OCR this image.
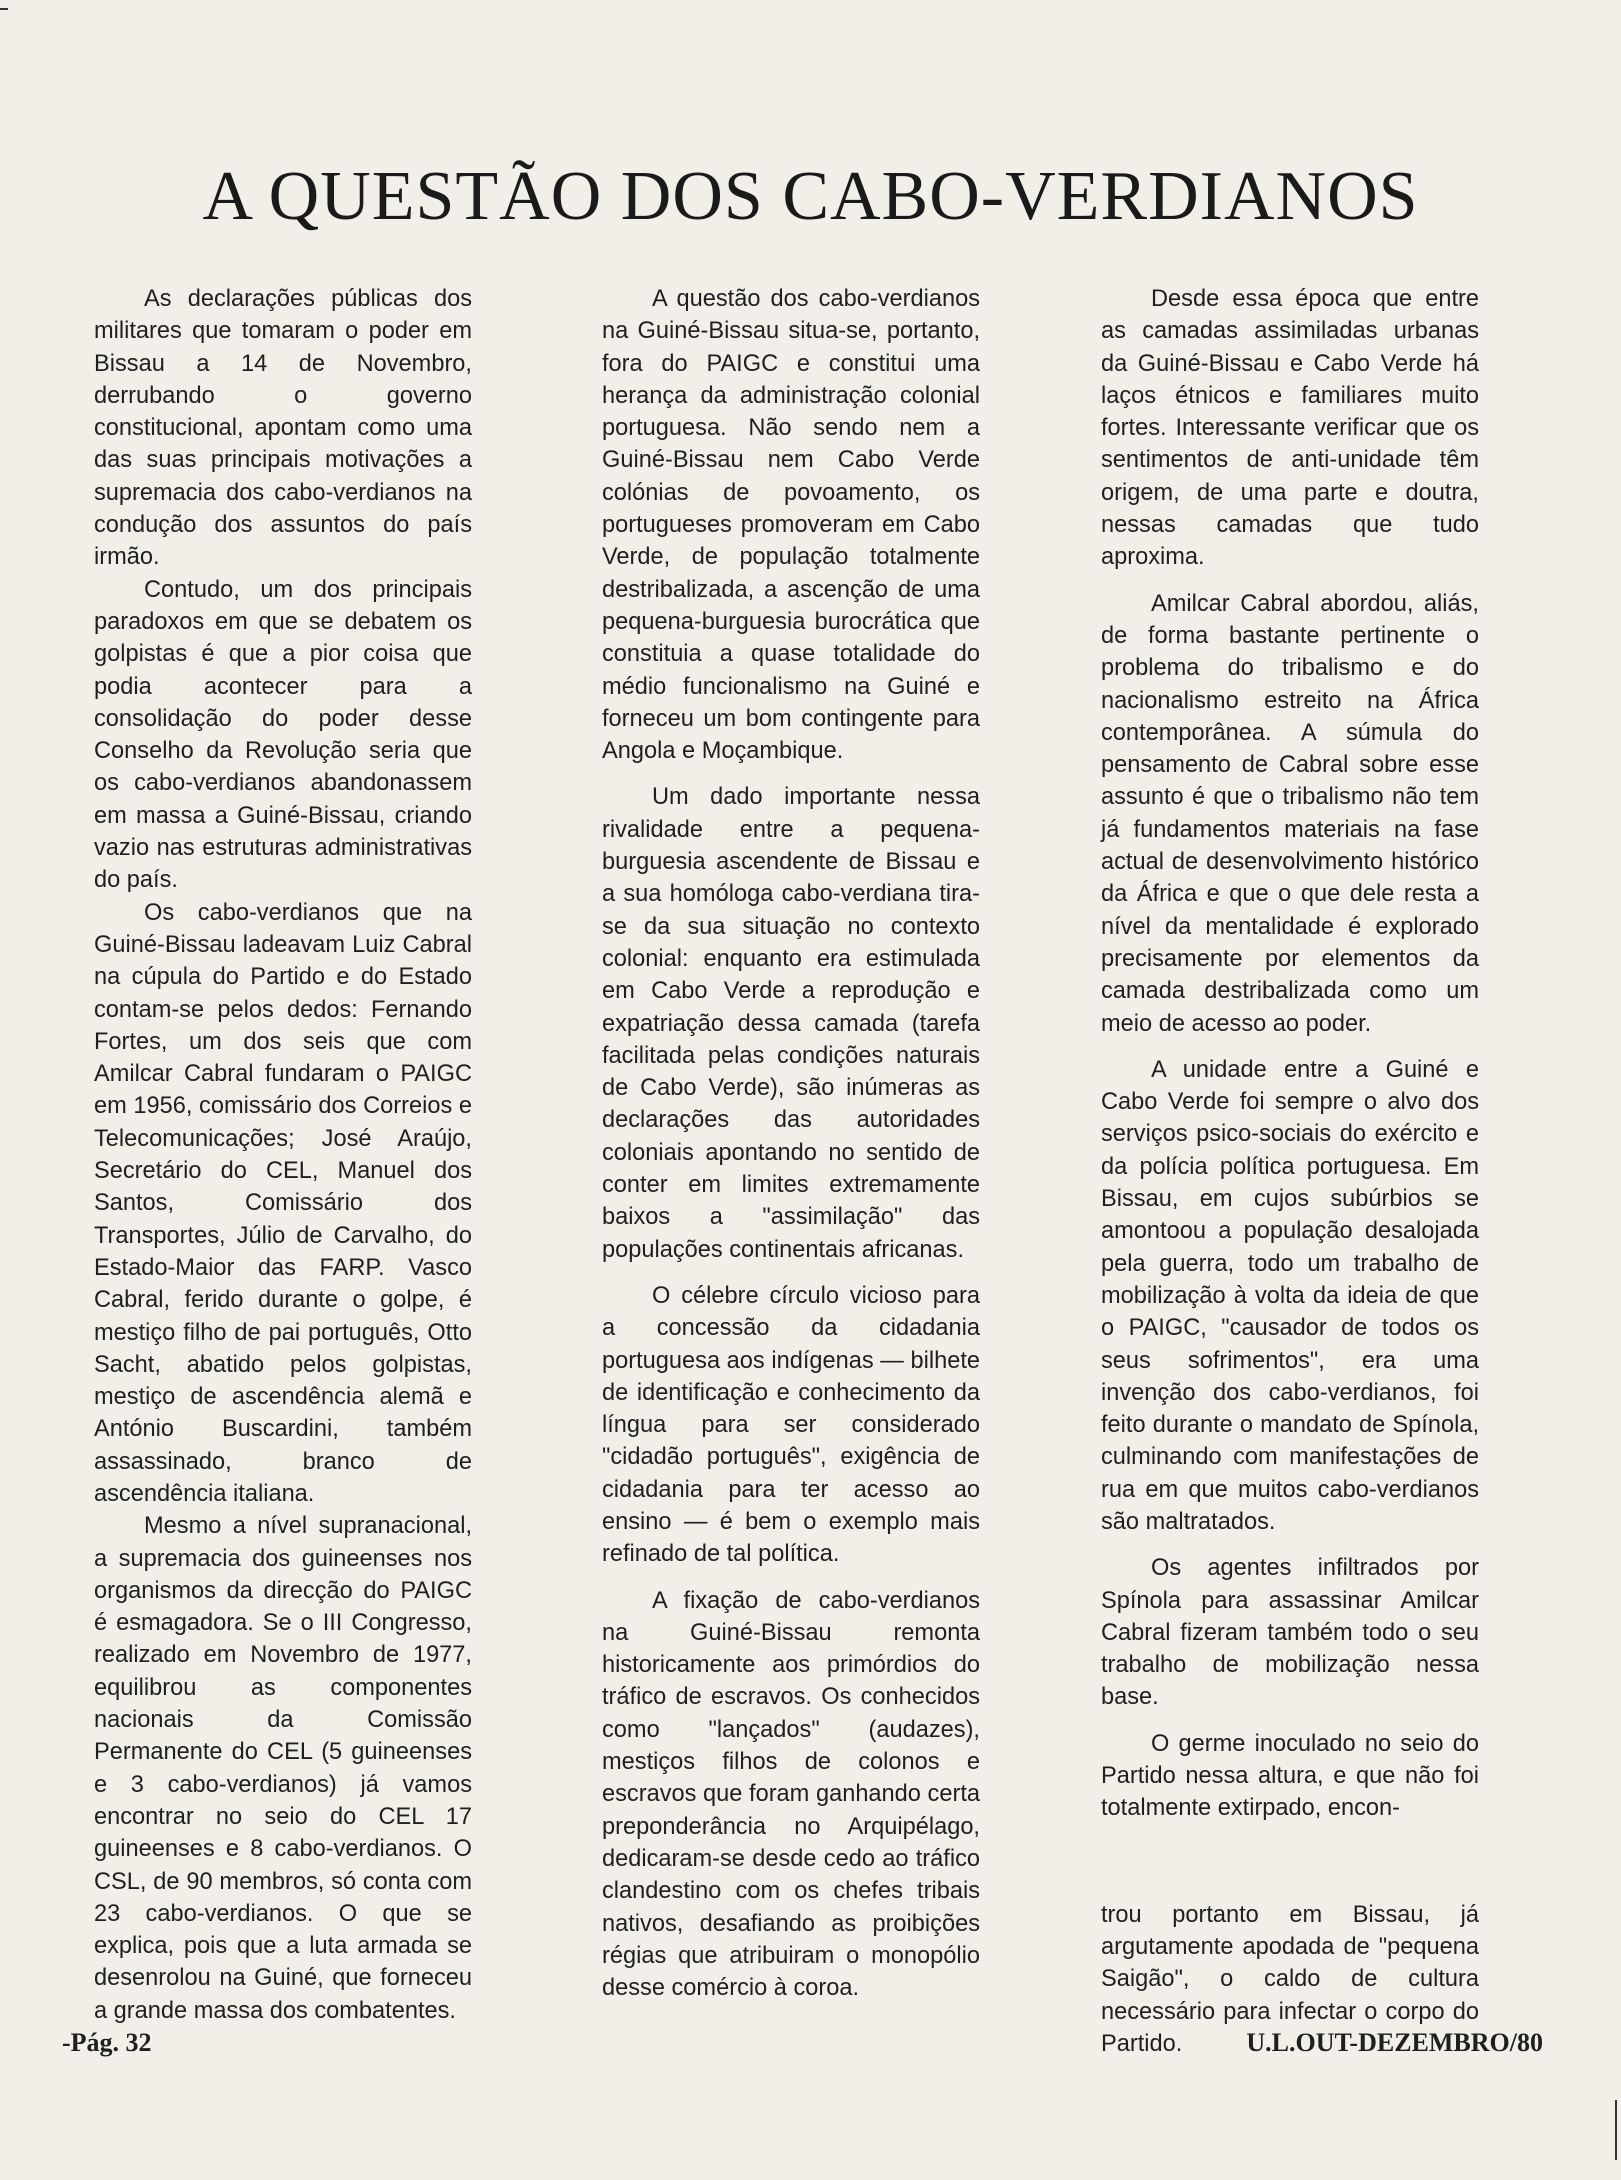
A QUESTÃO DOS CABO-VERDIANOS

As declarações públicas dos militares que tomaram o poder em Bissau a 14 de Novembro, derrubando o governo constitucional, apontam como uma das suas principais motivações a supremacia dos cabo-verdianos na condução dos assuntos do país irmão.

Contudo, um dos principais paradoxos em que se debatem os golpistas é que a pior coisa que podia acontecer para a consolidação do poder desse Conselho da Revolução seria que os cabo-verdianos abandonassem em massa a Guiné-Bissau, criando vazio nas estruturas administrativas do país.

Os cabo-verdianos que na Guiné-Bissau ladeavam Luiz Cabral na cúpula do Partido e do Estado contam-se pelos dedos: Fernando Fortes, um dos seis que com Amilcar Cabral fundaram o PAIGC em 1956, comissário dos Correios e Telecomunicações; José Araújo, Secretário do CEL, Manuel dos Santos, Comissário dos Transportes, Júlio de Carvalho, do Estado-Maior das FARP. Vasco Cabral, ferido durante o golpe, é mestiço filho de pai português, Otto Sacht, abatido pelos golpistas, mestiço de ascendência alemã e António Buscardini, também assassinado, branco de ascendência italiana.

Mesmo a nível supranacional, a supremacia dos guineenses nos organismos da direcção do PAIGC é esmagadora. Se o III Congresso, realizado em Novembro de 1977, equilibrou as componentes nacionais da Comissão Permanente do CEL (5 guineenses e 3 cabo-verdianos) já vamos encontrar no seio do CEL 17 guineenses e 8 cabo-verdianos. O CSL, de 90 membros, só conta com 23 cabo-verdianos. O que se explica, pois que a luta armada se desenrolou na Guiné, que forneceu a grande massa dos combatentes.

A questão dos cabo-verdianos na Guiné-Bissau situa-se, portanto, fora do PAIGC e constitui uma herança da administração colonial portuguesa. Não sendo nem a Guiné-Bissau nem Cabo Verde colónias de povoamento, os portugueses promoveram em Cabo Verde, de população totalmente destribalizada, a ascenção de uma pequena-burguesia burocrática que constituia a quase totalidade do médio funcionalismo na Guiné e forneceu um bom contingente para Angola e Moçambique.

Um dado importante nessa rivalidade entre a pequena-burguesia ascendente de Bissau e a sua homóloga cabo-verdiana tira-se da sua situação no contexto colonial: enquanto era estimulada em Cabo Verde a reprodução e expatriação dessa camada (tarefa facilitada pelas condições naturais de Cabo Verde), são inúmeras as declarações das autoridades coloniais apontando no sentido de conter em limites extremamente baixos a "assimilação" das populações continentais africanas.

O célebre círculo vicioso para a concessão da cidadania portuguesa aos indígenas — bilhete de identificação e conhecimento da língua para ser considerado "cidadão português", exigência de cidadania para ter acesso ao ensino — é bem o exemplo mais refinado de tal política.

A fixação de cabo-verdianos na Guiné-Bissau remonta historicamente aos primórdios do tráfico de escravos. Os conhecidos como "lançados" (audazes), mestiços filhos de colonos e escravos que foram ganhando certa preponderância no Arquipélago, dedicaram-se desde cedo ao tráfico clandestino com os chefes tribais nativos, desafiando as proibições régias que atribuiram o monopólio desse comércio à coroa.

Desde essa época que entre as camadas assimiladas urbanas da Guiné-Bissau e Cabo Verde há laços étnicos e familiares muito fortes. Interessante verificar que os sentimentos de anti-unidade têm origem, de uma parte e doutra, nessas camadas que tudo aproxima.

Amilcar Cabral abordou, aliás, de forma bastante pertinente o problema do tribalismo e do nacionalismo estreito na África contemporânea. A súmula do pensamento de Cabral sobre esse assunto é que o tribalismo não tem já fundamentos materiais na fase actual de desenvolvimento histórico da África e que o que dele resta a nível da mentalidade é explorado precisamente por elementos da camada destribalizada como um meio de acesso ao poder.

A unidade entre a Guiné e Cabo Verde foi sempre o alvo dos serviços psico-sociais do exército e da polícia política portuguesa. Em Bissau, em cujos subúrbios se amontoou a população desalojada pela guerra, todo um trabalho de mobilização à volta da ideia de que o PAIGC, "causador de todos os seus sofrimentos", era uma invenção dos cabo-verdianos, foi feito durante o mandato de Spínola, culminando com manifestações de rua em que muitos cabo-verdianos são maltratados.

Os agentes infiltrados por Spínola para assassinar Amilcar Cabral fizeram também todo o seu trabalho de mobilização nessa base.

O germe inoculado no seio do Partido nessa altura, e que não foi totalmente extirpado, encon-

trou portanto em Bissau, já argutamente apodada de "pequena Saigão", o caldo de cultura necessário para infectar o corpo do Partido.

-Pág. 32	U.L.OUT-DEZEMBRO/80
